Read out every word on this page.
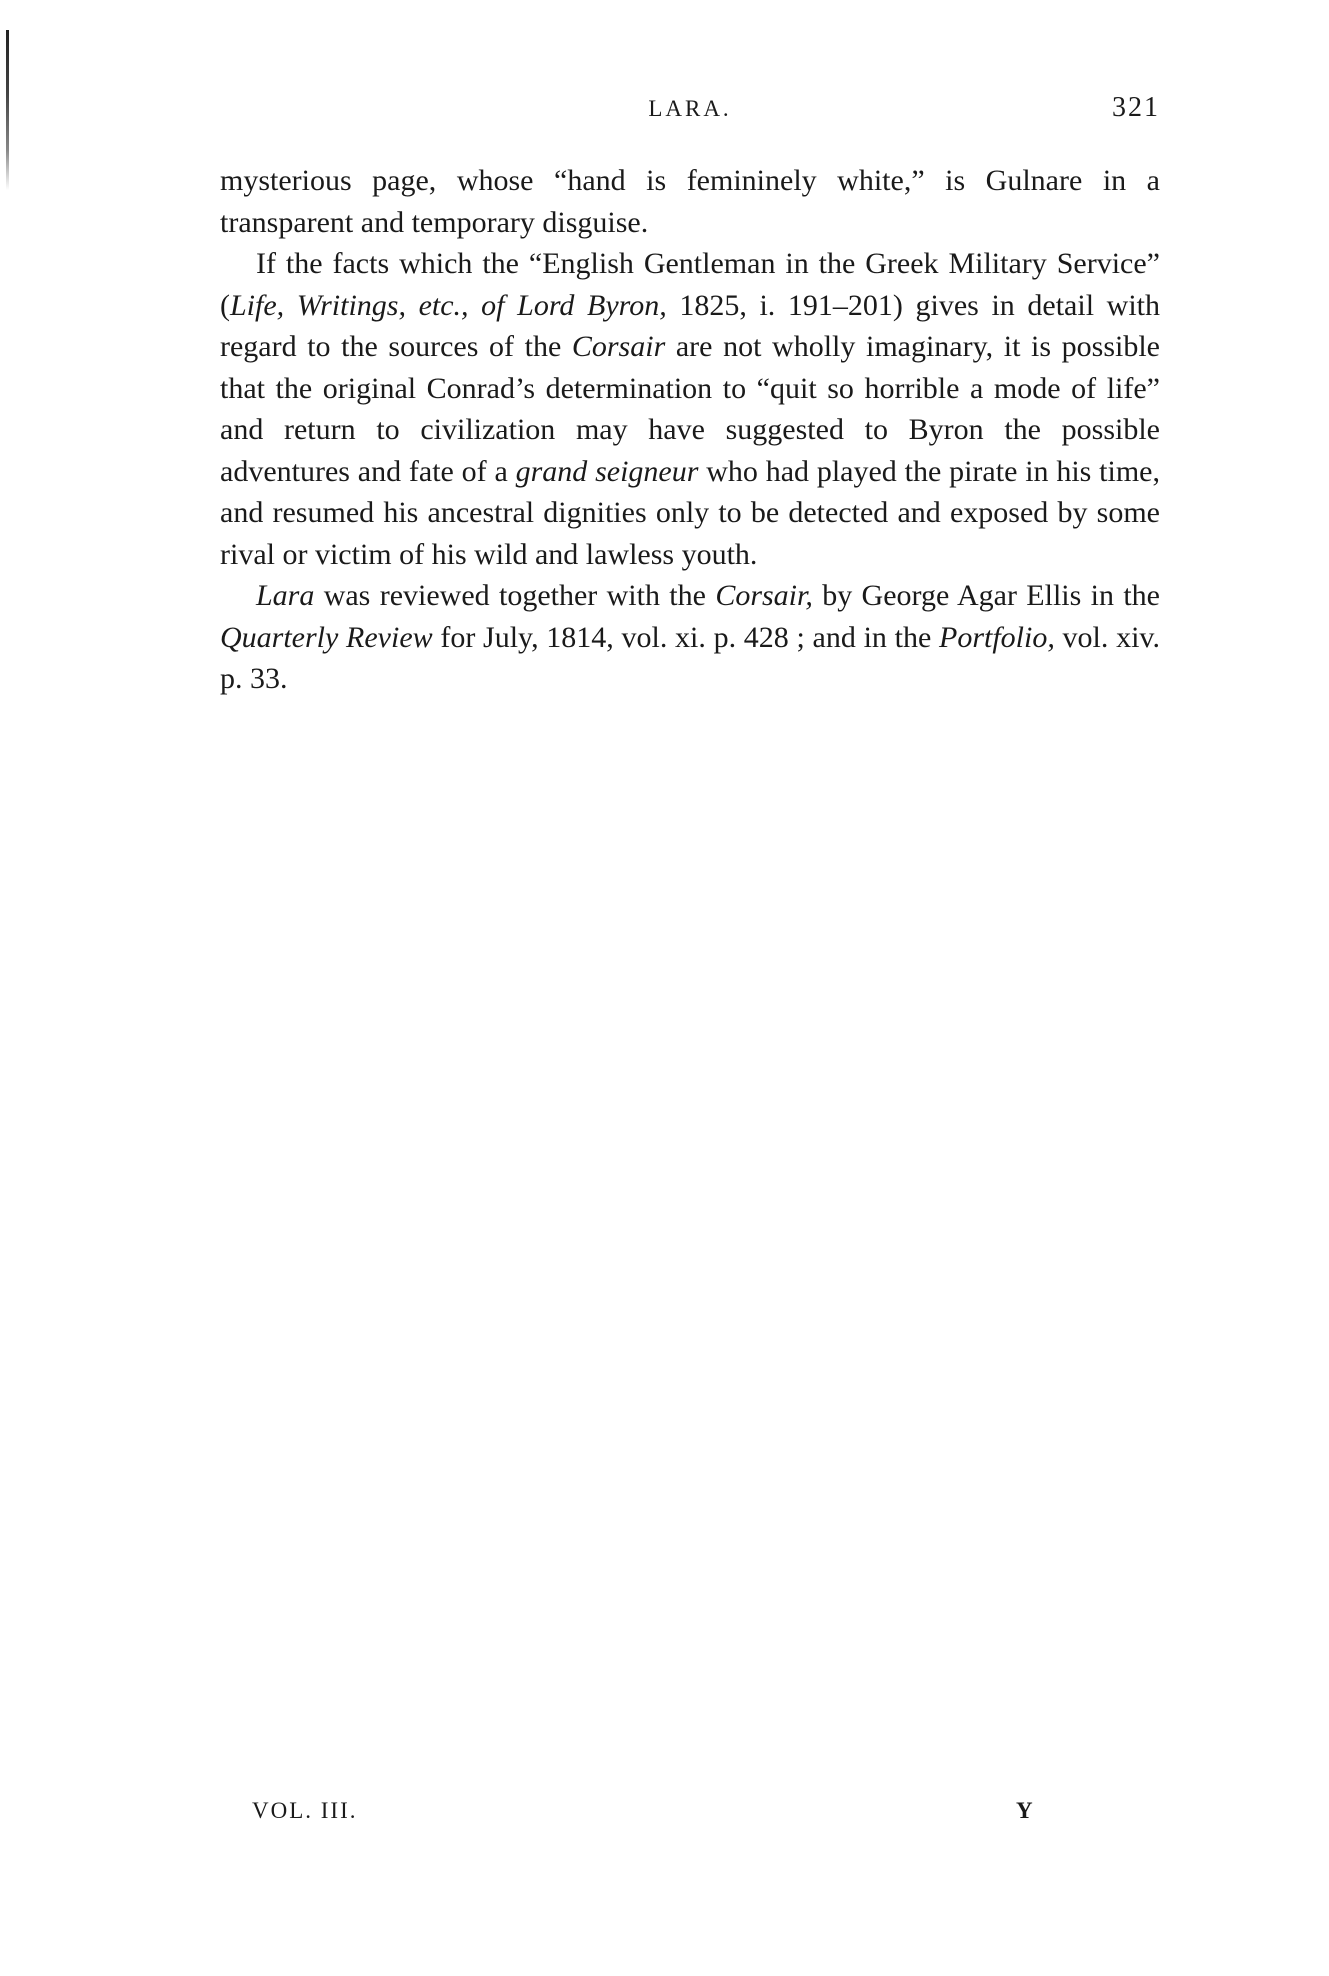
LARA.	321

mysterious page, whose “hand is femininely white,” is Gulnare in a transparent and temporary disguise.

If the facts which the “English Gentleman in the Greek Military Service” (Life, Writings, etc., of Lord Byron, 1825, i. 191–201) gives in detail with regard to the sources of the Corsair are not wholly imaginary, it is possible that the original Conrad’s determination to “quit so horrible a mode of life” and return to civilization may have suggested to Byron the possible adventures and fate of a grand seigneur who had played the pirate in his time, and resumed his ancestral dignities only to be detected and exposed by some rival or victim of his wild and lawless youth.

Lara was reviewed together with the Corsair, by George Agar Ellis in the Quarterly Review for July, 1814, vol. xi. p. 428 ; and in the Portfolio, vol. xiv. p. 33.

VOL. III.	Y
